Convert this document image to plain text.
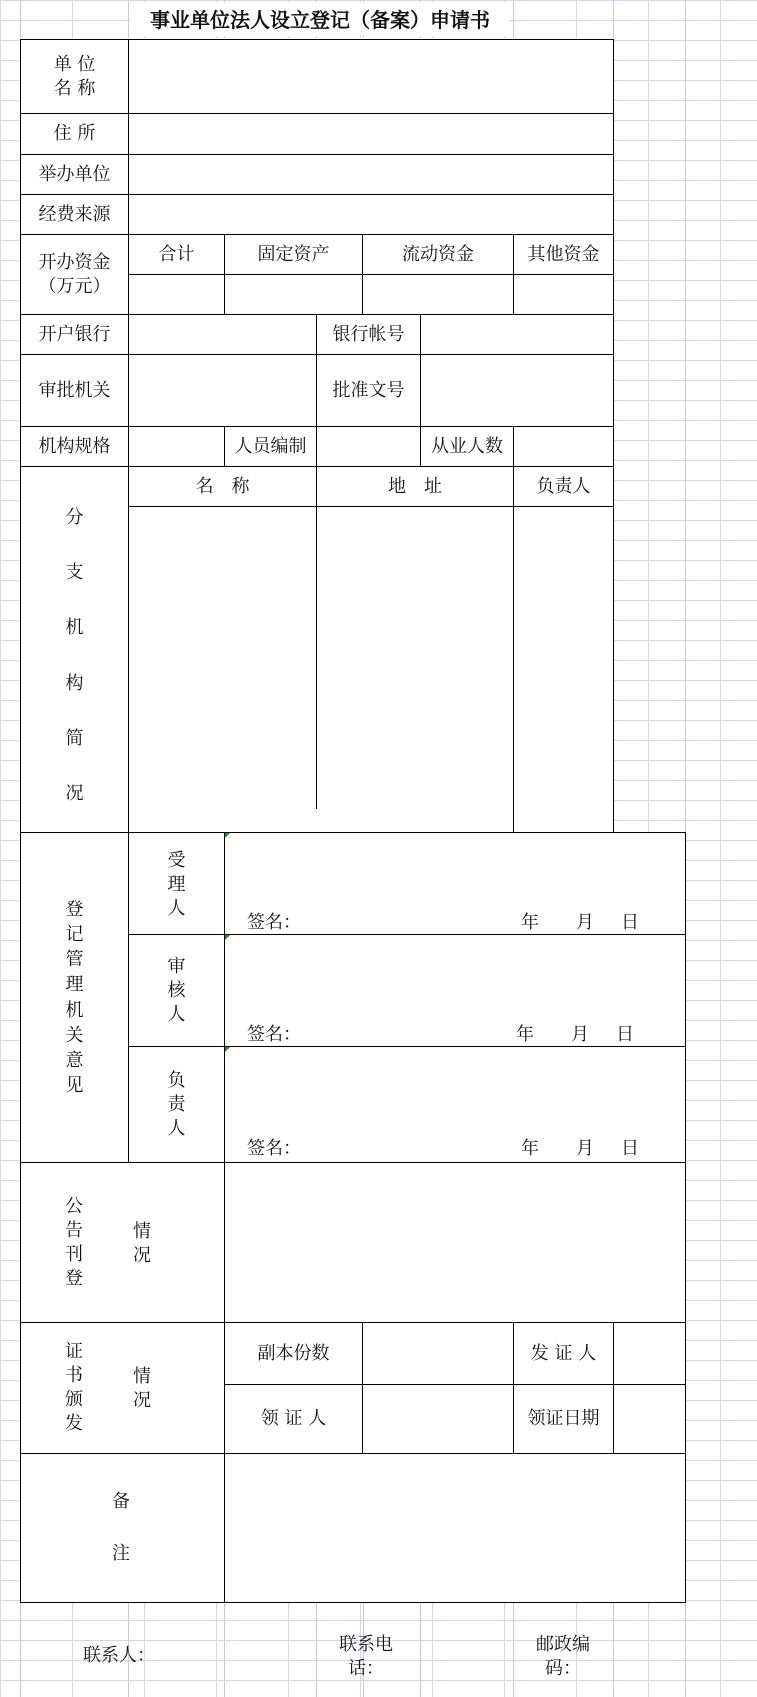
事业单位法人设立登记（备案）申请书
单 位
名 称
住 所
举办单位
经费来源
开办资金
（万元）
合计	固定资产	流动资金	其他资金
开户银行	银行帐号
审批机关	批准文号
机构规格	人员编制	从业人数
分
支
机
构
简
况
名　称	地　址	负责人
登
记
管
理
机
关
意
见
受
理
人
签名：	年 月 日
审
核
人
签名：	年 月 日
负
责
人
签名：	年 月 日
公
告
刊
登
情
况
证
书
颁
发
情
况
副本份数	发 证 人
领 证 人	领证日期
备
注
联系人：
联系电
话：
邮政编
码：
